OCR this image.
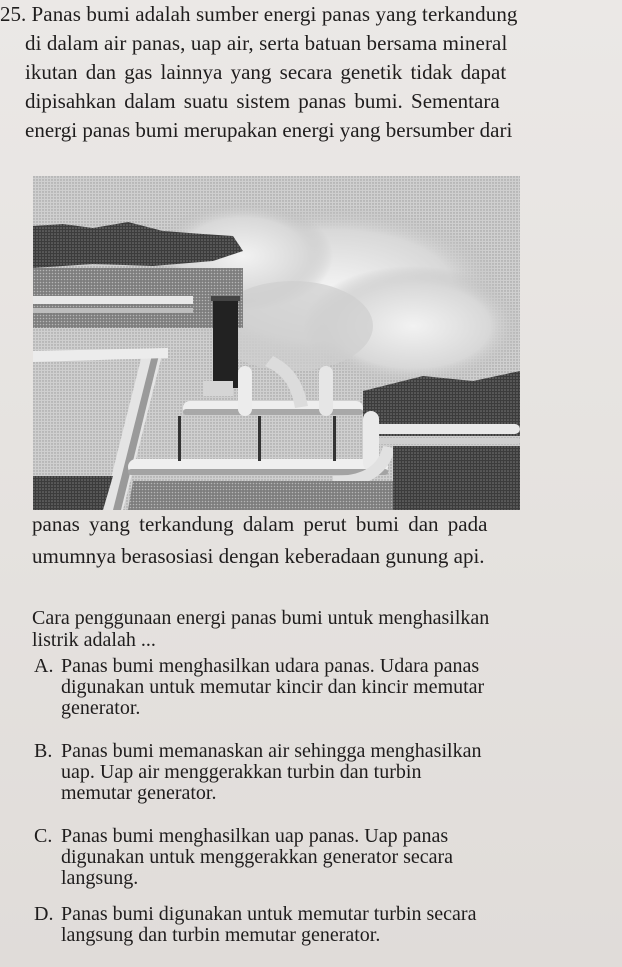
25. Panas bumi adalah sumber energi panas yang terkandung
di dalam air panas, uap air, serta batuan bersama mineral
ikutan dan gas lainnya yang secara genetik tidak dapat
dipisahkan dalam suatu sistem panas bumi. Sementara
energi panas bumi merupakan energi yang bersumber dari
panas yang terkandung dalam perut bumi dan pada
umumnya berasosiasi dengan keberadaan gunung api.
Cara penggunaan energi panas bumi untuk menghasilkan
listrik adalah ...
A. Panas bumi menghasilkan udara panas. Udara panas
digunakan untuk memutar kincir dan kincir memutar
generator.
B. Panas bumi memanaskan air sehingga menghasilkan
uap. Uap air menggerakkan turbin dan turbin
memutar generator.
C. Panas bumi menghasilkan uap panas. Uap panas
digunakan untuk menggerakkan generator secara
langsung.
D. Panas bumi digunakan untuk memutar turbin secara
langsung dan turbin memutar generator.
